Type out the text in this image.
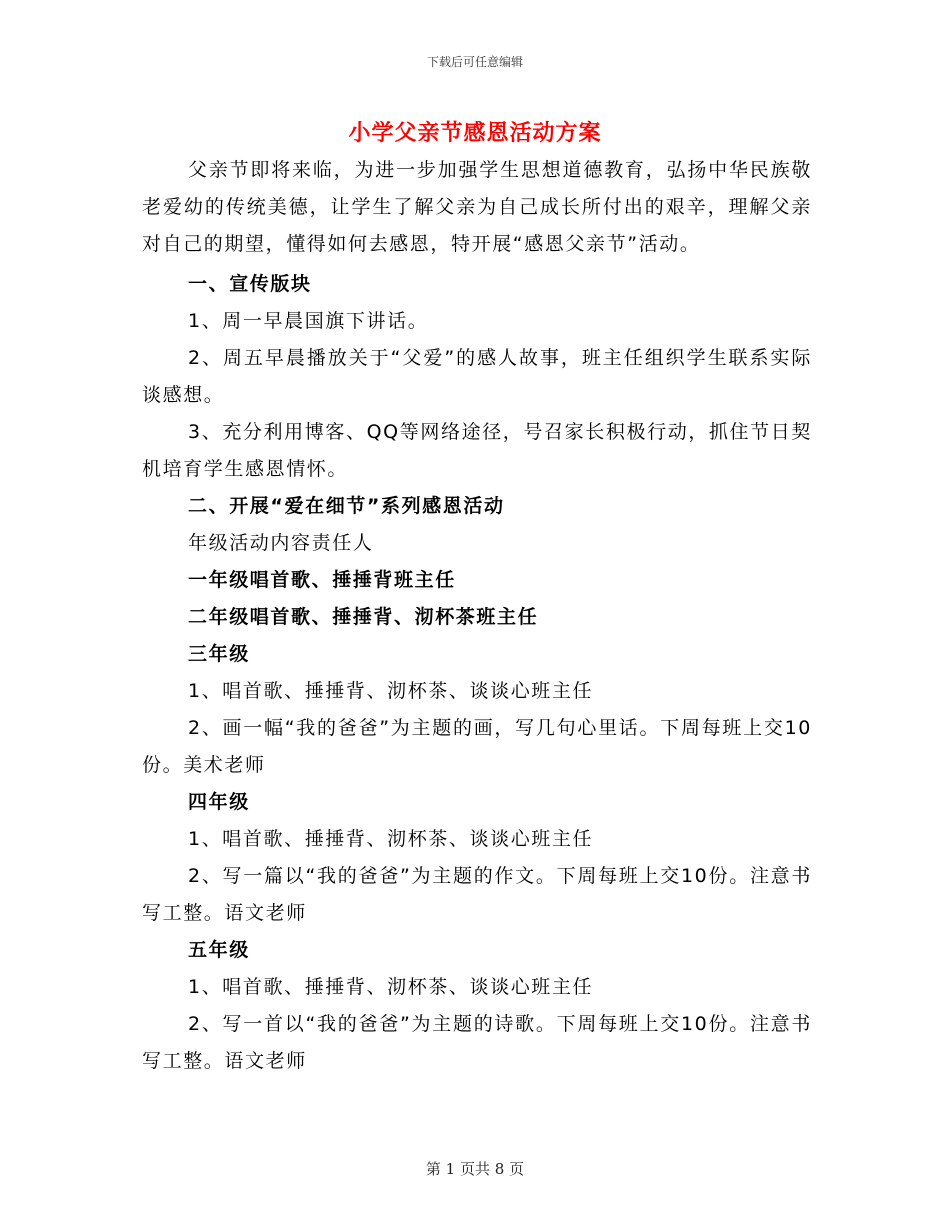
下载后可任意编辑
小学父亲节感恩活动方案

父亲节即将来临，为进一步加强学生思想道德教育，弘扬中华民族敬老爱幼的传统美德，让学生了解父亲为自己成长所付出的艰辛，理解父亲对自己的期望，懂得如何去感恩，特开展“感恩父亲节”活动。

一、宣传版块

1、周一早晨国旗下讲话。

2、周五早晨播放关于“父爱”的感人故事，班主任组织学生联系实际谈感想。

3、充分利用博客、QQ等网络途径，号召家长积极行动，抓住节日契机培育学生感恩情怀。

二、开展“爱在细节”系列感恩活动

年级活动内容责任人

一年级唱首歌、捶捶背班主任

二年级唱首歌、捶捶背、沏杯茶班主任

三年级

1、唱首歌、捶捶背、沏杯茶、谈谈心班主任

2、画一幅“我的爸爸”为主题的画，写几句心里话。下周每班上交10份。美术老师

四年级

1、唱首歌、捶捶背、沏杯茶、谈谈心班主任

2、写一篇以“我的爸爸”为主题的作文。下周每班上交10份。注意书写工整。语文老师

五年级

1、唱首歌、捶捶背、沏杯茶、谈谈心班主任

2、写一首以“我的爸爸”为主题的诗歌。下周每班上交10份。注意书写工整。语文老师

第 1 页共 8 页
